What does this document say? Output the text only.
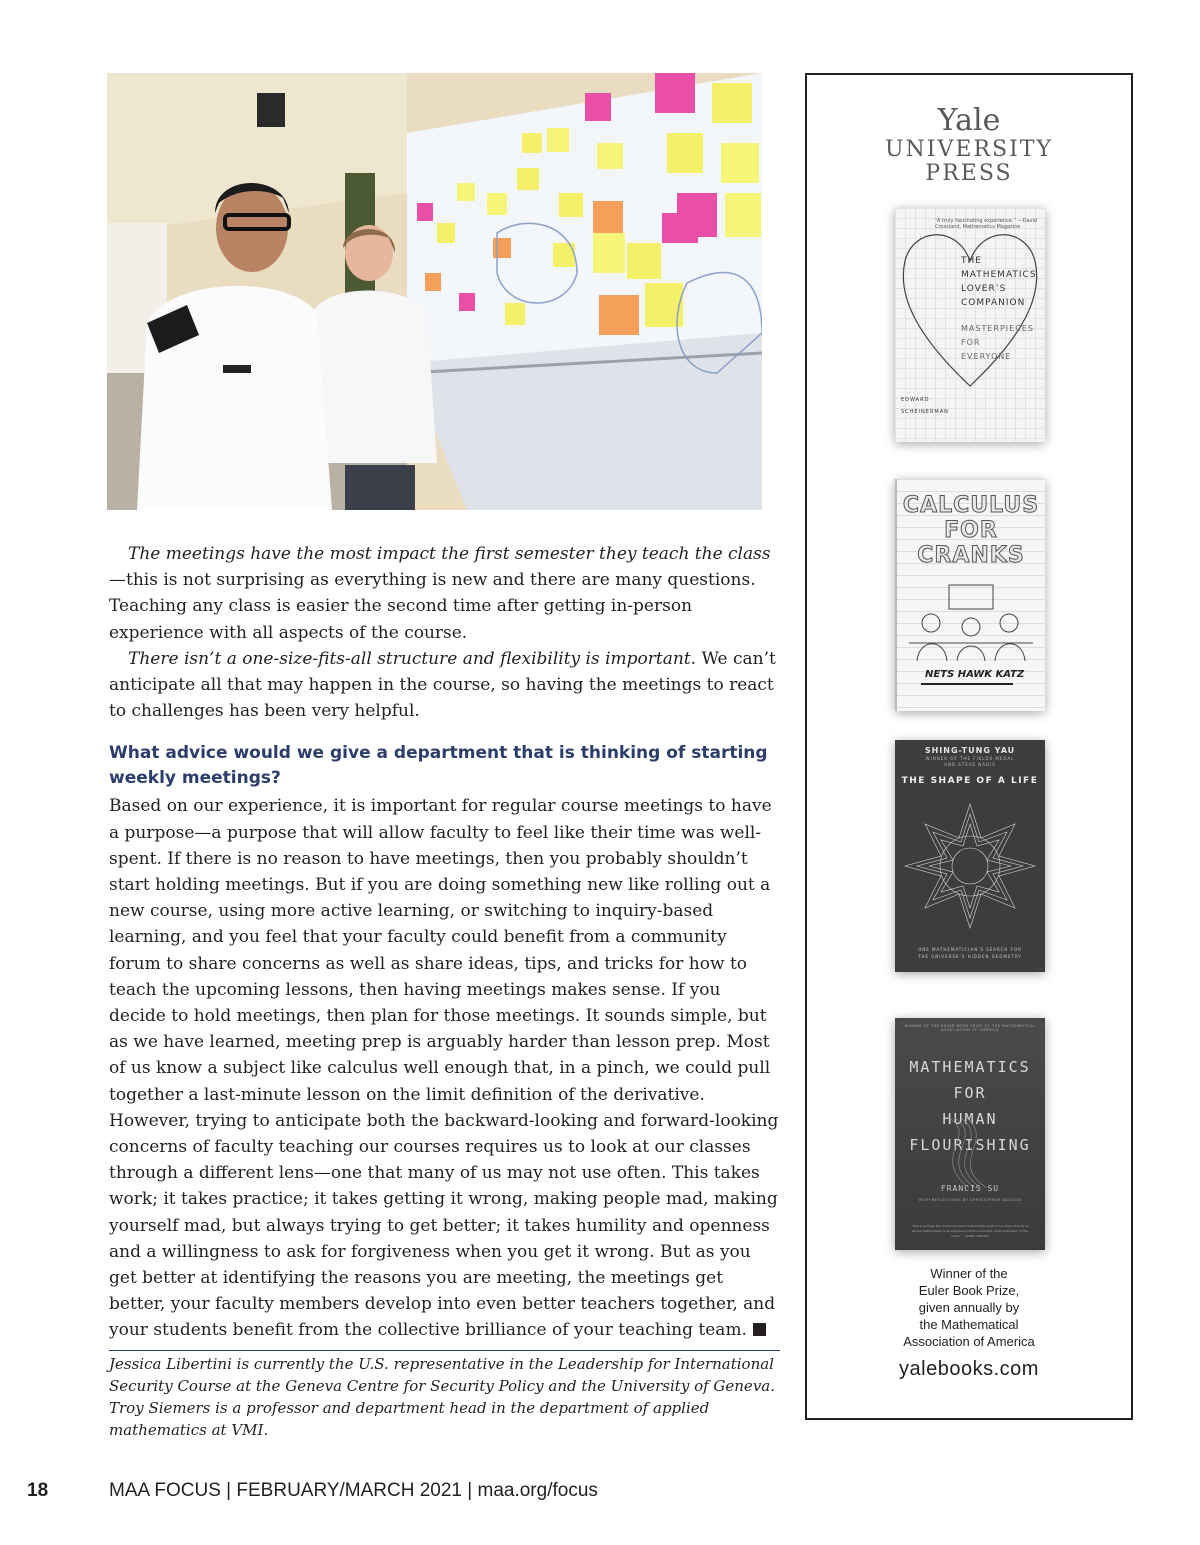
The meetings have the most impact the first semester they teach the class—this is not surprising as everything is new and there are many questions. Teaching any class is easier the second time after getting in-person experience with all aspects of the course.

There isn’t a one-size-fits-all structure and flexibility is important. We can’t anticipate all that may happen in the course, so having the meetings to react to challenges has been very helpful.

What advice would we give a department that is thinking of starting weekly meetings?

Based on our experience, it is important for regular course meetings to have a purpose—a purpose that will allow faculty to feel like their time was well-spent. If there is no reason to have meetings, then you probably shouldn’t start holding meetings. But if you are doing something new like rolling out a new course, using more active learning, or switching to inquiry-based learning, and you feel that your faculty could benefit from a community forum to share concerns as well as share ideas, tips, and tricks for how to teach the upcoming lessons, then having meetings makes sense. If you decide to hold meetings, then plan for those meetings. It sounds simple, but as we have learned, meeting prep is arguably harder than lesson prep. Most of us know a subject like calculus well enough that, in a pinch, we could pull together a last-minute lesson on the limit definition of the derivative. However, trying to anticipate both the backward-looking and forward-looking concerns of faculty teaching our courses requires us to look at our classes through a different lens—one that many of us may not use often. This takes work; it takes practice; it takes getting it wrong, making people mad, making yourself mad, but always trying to get better; it takes humility and openness and a willingness to ask for forgiveness when you get it wrong. But as you get better at identifying the reasons you are meeting, the meetings get better, your faculty members develop into even better teachers together, and your students benefit from the collective brilliance of your teaching team.

Jessica Libertini is currently the U.S. representative in the Leadership for International Security Course at the Geneva Centre for Security Policy and the University of Geneva. Troy Siemers is a professor and department head in the department of applied mathematics at VMI.

18	MAA FOCUS | FEBRUARY/MARCH 2021 | maa.org/focus
Yale
UNIVERSITY
PRESS
“A truly fascinating experience.” —David Crossland, Mathematics Magazine
THE
MATHEMATICS
LOVER’S
COMPANION
MASTERPIECES
FOR
EVERYONE
EDWARD
SCHEINERMAN
CALCULUS
FOR
CRANKS
NETS HAWK KATZ
SHING-TUNG YAU
WINNER OF THE FIELDS MEDAL
AND STEVE NADIS
THE SHAPE OF A LIFE
ONE MATHEMATICIAN’S SEARCH FOR
THE UNIVERSE’S HIDDEN GEOMETRY
WINNER OF THE EULER BOOK PRIZE OF THE MATHEMATICAL ASSOCIATION OF AMERICA
MATHEMATICS
FOR
HUMAN
FLOURISHING
FRANCIS SU
WITH REFLECTIONS BY CHRISTOPHER JACKSON
“This is perhaps the most important mathematics book of our time. Francis Su shows mathematics is an experience of the mind and, most important, of the heart.” —JAMES TANTON
Winner of the
Euler Book Prize,
given annually by
the Mathematical
Association of America
yalebooks.com
